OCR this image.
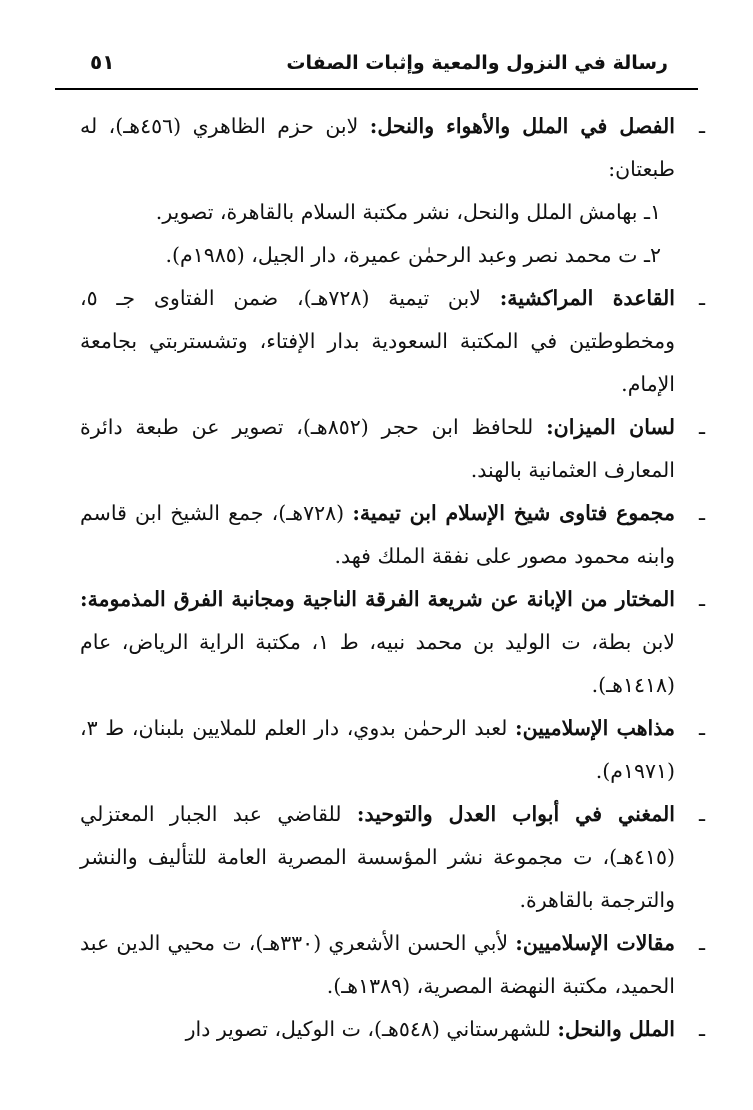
رسالة في النزول والمعية وإثبات الصفات
٥١
ـ
الفصل في الملل والأهواء والنحل: لابن حزم الظاهري (٤٥٦هـ)، له طبعتان:

١ـ بهامش الملل والنحل، نشر مكتبة السلام بالقاهرة، تصوير.

٢ـ ت محمد نصر وعبد الرحمٰن عميرة، دار الجيل، (١٩٨٥م).

ـ
القاعدة المراكشية: لابن تيمية (٧٢٨هـ)، ضمن الفتاوى جـ ٥، ومخطوطتين في المكتبة السعودية بدار الإفتاء، وتشستربتي بجامعة الإمام.
ـ
لسان الميزان: للحافظ ابن حجر (٨٥٢هـ)، تصوير عن طبعة دائرة المعارف العثمانية بالهند.
ـ
مجموع فتاوى شيخ الإسلام ابن تيمية: (٧٢٨هـ)، جمع الشيخ ابن قاسم وابنه محمود مصور على نفقة الملك فهد.
ـ
المختار من الإبانة عن شريعة الفرقة الناجية ومجانبة الفرق المذمومة: لابن بطة، ت الوليد بن محمد نبيه، ط ١، مكتبة الراية الرياض، عام (١٤١٨هـ).
ـ
مذاهب الإسلاميين: لعبد الرحمٰن بدوي، دار العلم للملايين بلبنان، ط ٣، (١٩٧١م).
ـ
المغني في أبواب العدل والتوحيد: للقاضي عبد الجبار المعتزلي (٤١٥هـ)، ت مجموعة نشر المؤسسة المصرية العامة للتأليف والنشر والترجمة بالقاهرة.
ـ
مقالات الإسلاميين: لأبي الحسن الأشعري (٣٣٠هـ)، ت محيي الدين عبد الحميد، مكتبة النهضة المصرية، (١٣٨٩هـ).
ـ
الملل والنحل: للشهرستاني (٥٤٨هـ)، ت الوكيل، تصوير دار
